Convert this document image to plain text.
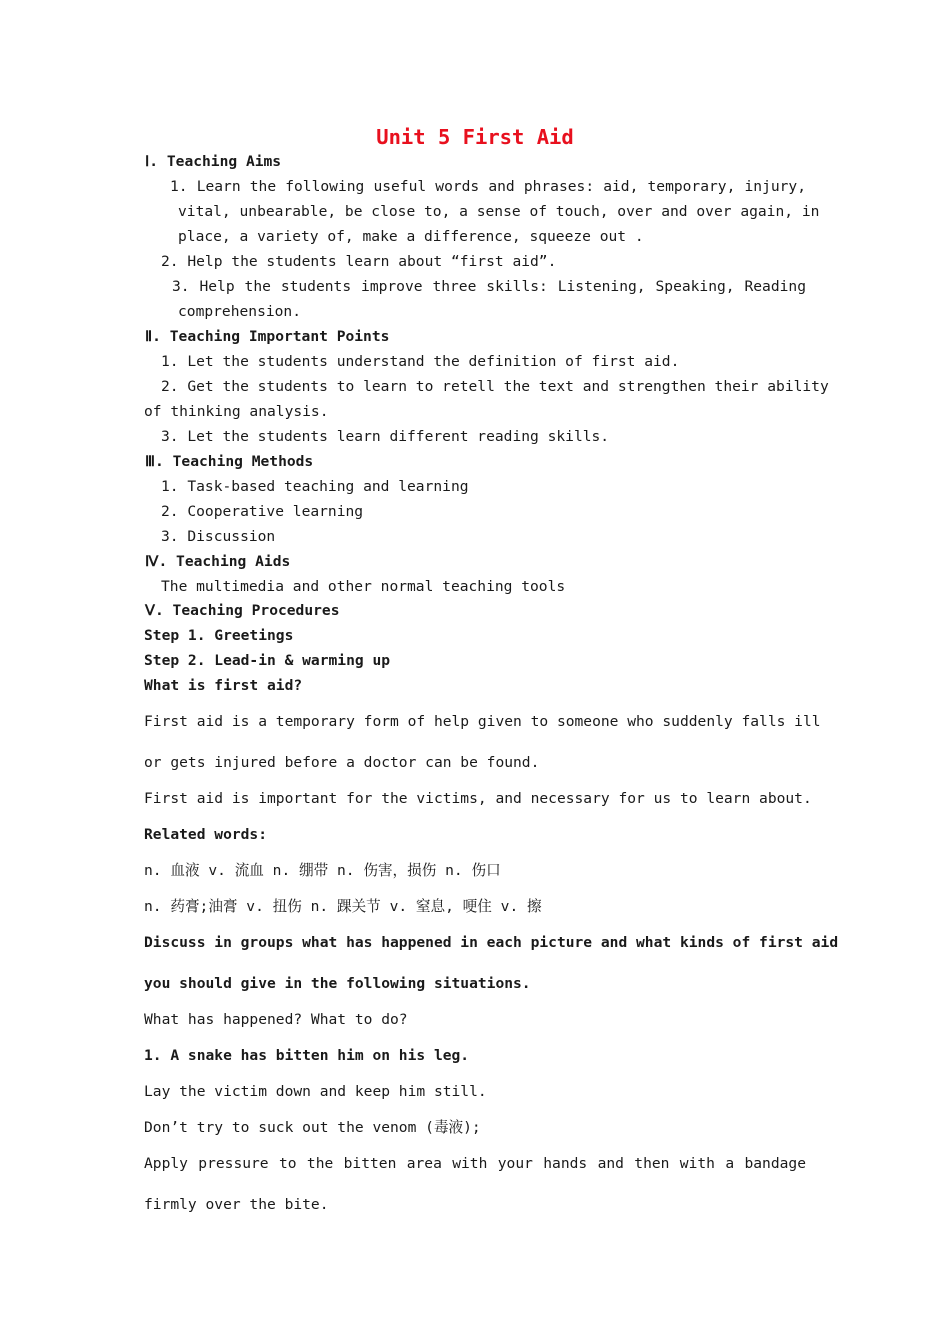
Unit 5 First Aid
Ⅰ. Teaching Aims
1. Learn the following useful words and phrases: aid, temporary, injury,
vital, unbearable, be close to, a sense of touch, over and over again, in
place, a variety of, make a difference, squeeze out .
2. Help the students learn about “first aid”.
3. Help the students improve three skills: Listening, Speaking, Reading
comprehension.
Ⅱ. Teaching Important Points
1. Let the students understand the definition of first aid.
2. Get the students to learn to retell the text and strengthen their ability
of thinking analysis.
3. Let the students learn different reading skills.
Ⅲ. Teaching Methods
1. Task-based teaching and learning
2. Cooperative learning
3. Discussion
Ⅳ. Teaching Aids
The multimedia and other normal teaching tools
Ⅴ. Teaching Procedures
Step 1. Greetings
Step 2. Lead-in & warming up
What is first aid?
First aid is a temporary form of help given to someone who suddenly falls ill
or gets injured before a doctor can be found.
First aid is important for the victims, and necessary for us to learn about.
Related words:
n. 血液 v. 流血 n. 绷带 n. 伤害，损伤 n. 伤口
n. 药膏;油膏 v. 扭伤 n. 踝关节 v. 窒息, 哽住 v. 擦
Discuss in groups what has happened in each picture and what kinds of first aid
you should give in the following situations.
What has happened? What to do?
1. A snake has bitten him on his leg.
Lay the victim down and keep him still.
Don’t try to suck out the venom (毒液);
Apply pressure to the bitten area with your hands and then with a bandage
firmly over the bite.
